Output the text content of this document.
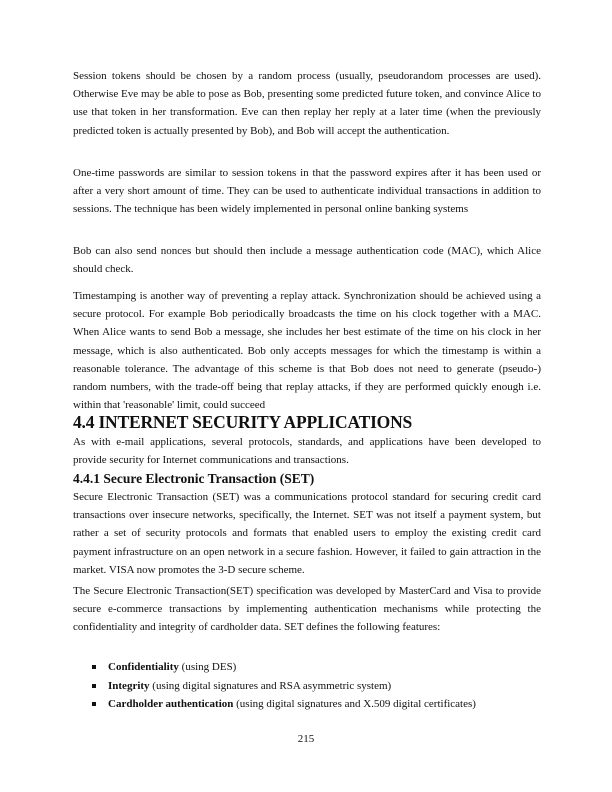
Session tokens should be chosen by a random process (usually, pseudorandom processes are used). Otherwise Eve may be able to pose as Bob, presenting some predicted future token, and convince Alice to use that token in her transformation. Eve can then replay her reply at a later time (when the previously predicted token is actually presented by Bob), and Bob will accept the authentication.

One-time passwords are similar to session tokens in that the password expires after it has been used or after a very short amount of time. They can be used to authenticate individual transactions in addition to sessions. The technique has been widely implemented in personal online banking systems

Bob can also send nonces but should then include a message authentication code (MAC), which Alice should check.

Timestamping is another way of preventing a replay attack. Synchronization should be achieved using a secure protocol. For example Bob periodically broadcasts the time on his clock together with a MAC. When Alice wants to send Bob a message, she includes her best estimate of the time on his clock in her message, which is also authenticated. Bob only accepts messages for which the timestamp is within a reasonable tolerance. The advantage of this scheme is that Bob does not need to generate (pseudo-) random numbers, with the trade-off being that replay attacks, if they are performed quickly enough i.e. within that 'reasonable' limit, could succeed

4.4 INTERNET SECURITY APPLICATIONS

As with e-mail applications, several protocols, standards, and applications have been developed to provide security for Internet communications and transactions.

4.4.1 Secure Electronic Transaction (SET)

Secure Electronic Transaction (SET) was a communications protocol standard for securing credit card transactions over insecure networks, specifically, the Internet. SET was not itself a payment system, but rather a set of security protocols and formats that enabled users to employ the existing credit card payment infrastructure on an open network in a secure fashion. However, it failed to gain attraction in the market. VISA now promotes the 3-D secure scheme.

The Secure Electronic Transaction(SET) specification was developed by MasterCard and Visa to provide secure e-commerce transactions by implementing authentication mechanisms while protecting the confidentiality and integrity of cardholder data. SET defines the following features:

Confidentiality (using DES)
Integrity (using digital signatures and RSA asymmetric system)
Cardholder authentication (using digital signatures and X.509 digital certificates)
215
